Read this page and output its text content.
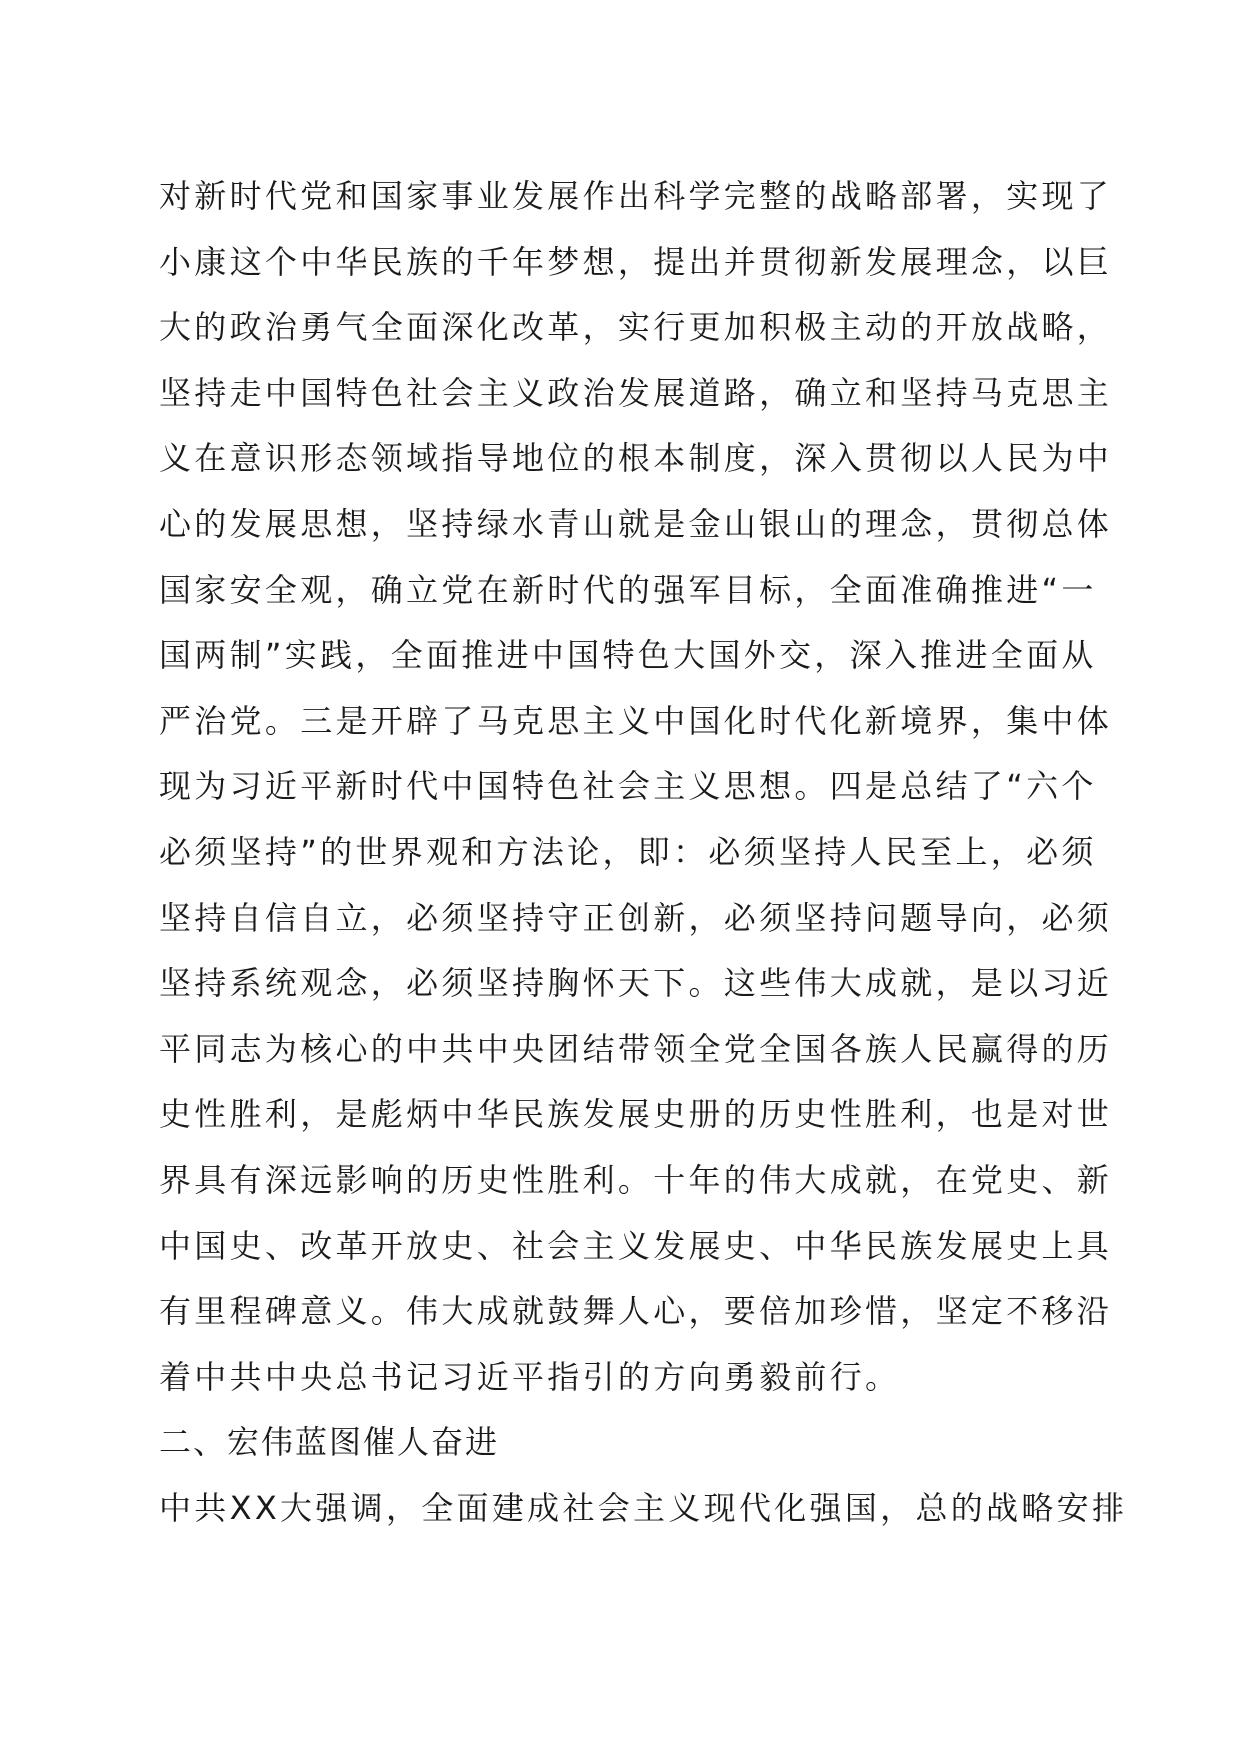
对新时代党和国家事业发展作出科学完整的战略部署，实现了
小康这个中华民族的千年梦想，提出并贯彻新发展理念，以巨
大的政治勇气全面深化改革，实行更加积极主动的开放战略，
坚持走中国特色社会主义政治发展道路，确立和坚持马克思主
义在意识形态领域指导地位的根本制度，深入贯彻以人民为中
心的发展思想，坚持绿水青山就是金山银山的理念，贯彻总体
国家安全观，确立党在新时代的强军目标，全面准确推进“一
国两制”实践，全面推进中国特色大国外交，深入推进全面从
严治党。三是开辟了马克思主义中国化时代化新境界，集中体
现为习近平新时代中国特色社会主义思想。四是总结了“六个
必须坚持”的世界观和方法论，即：必须坚持人民至上，必须
坚持自信自立，必须坚持守正创新，必须坚持问题导向，必须
坚持系统观念，必须坚持胸怀天下。这些伟大成就，是以习近
平同志为核心的中共中央团结带领全党全国各族人民赢得的历
史性胜利，是彪炳中华民族发展史册的历史性胜利，也是对世
界具有深远影响的历史性胜利。十年的伟大成就，在党史、新
中国史、改革开放史、社会主义发展史、中华民族发展史上具
有里程碑意义。伟大成就鼓舞人心，要倍加珍惜，坚定不移沿
着中共中央总书记习近平指引的方向勇毅前行。
二、宏伟蓝图催人奋进
中共XX大强调，全面建成社会主义现代化强国，总的战略安排
